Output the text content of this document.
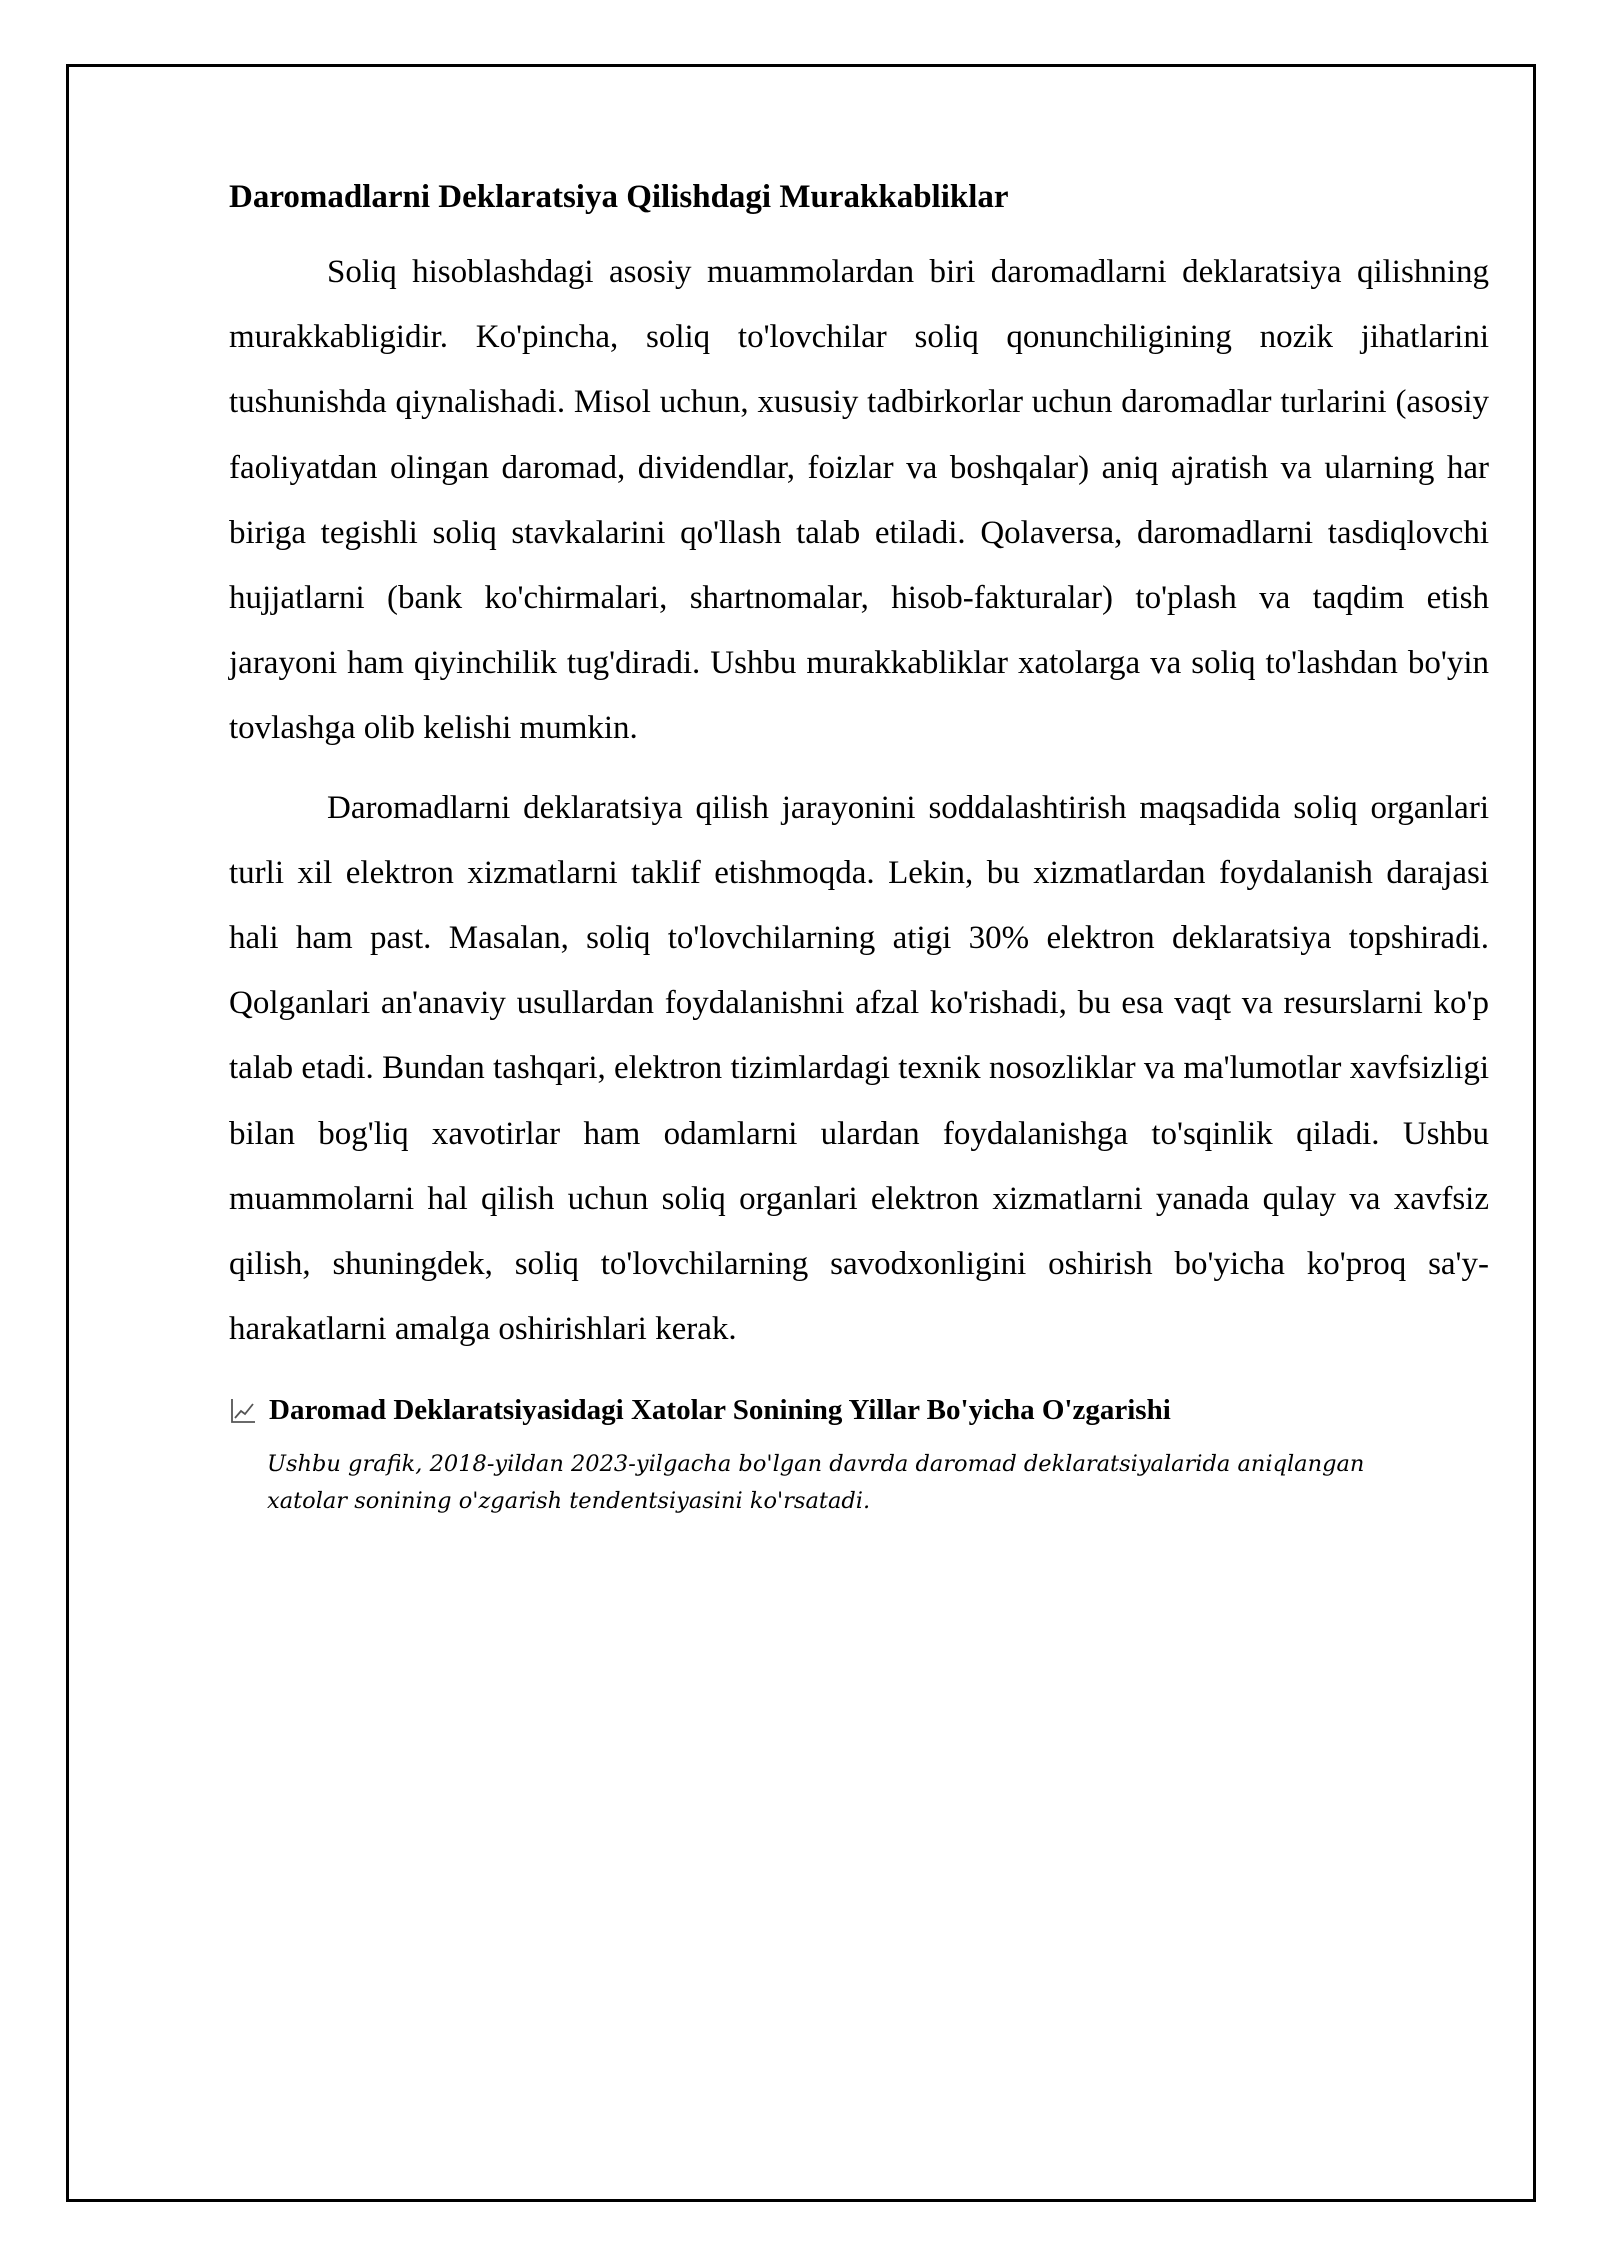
Daromadlarni Deklaratsiya Qilishdagi Murakkabliklar

Soliq hisoblashdagi asosiy muammolardan biri daromadlarni deklaratsiya qilishning murakkabligidir. Ko'pincha, soliq to'lovchilar soliq qonunchiligining nozik jihatlarini tushunishda qiynalishadi. Misol uchun, xususiy tadbirkorlar uchun daromadlar turlarini (asosiy faoliyatdan olingan daromad, dividendlar, foizlar va boshqalar) aniq ajratish va ularning har biriga tegishli soliq stavkalarini qo'llash talab etiladi. Qolaversa, daromadlarni tasdiqlovchi hujjatlarni (bank ko'chirmalari, shartnomalar, hisob-fakturalar) to'plash va taqdim etish jarayoni ham qiyinchilik tug'diradi. Ushbu murakkabliklar xatolarga va soliq to'lashdan bo'yin tovlashga olib kelishi mumkin.

Daromadlarni deklaratsiya qilish jarayonini soddalashtirish maqsadida soliq organlari turli xil elektron xizmatlarni taklif etishmoqda. Lekin, bu xizmatlardan foydalanish darajasi hali ham past. Masalan, soliq to'lovchilarning atigi 30% elektron deklaratsiya topshiradi. Qolganlari an'anaviy usullardan foydalanishni afzal ko'rishadi, bu esa vaqt va resurslarni ko'p talab etadi. Bundan tashqari, elektron tizimlardagi texnik nosozliklar va ma'lumotlar xavfsizligi bilan bog'liq xavotirlar ham odamlarni ulardan foydalanishga to'sqinlik qiladi. Ushbu muammolarni hal qilish uchun soliq organlari elektron xizmatlarni yanada qulay va xavfsiz qilish, shuningdek, soliq to'lovchilarning savodxonligini oshirish bo'yicha ko'proq sa'y-harakatlarni amalga oshirishlari kerak.

Daromad Deklaratsiyasidagi Xatolar Sonining Yillar Bo'yicha O'zgarishi
Ushbu grafik, 2018-yildan 2023-yilgacha bo'lgan davrda daromad deklaratsiyalarida aniqlangan xatolar sonining o'zgarish tendentsiyasini ko'rsatadi.
